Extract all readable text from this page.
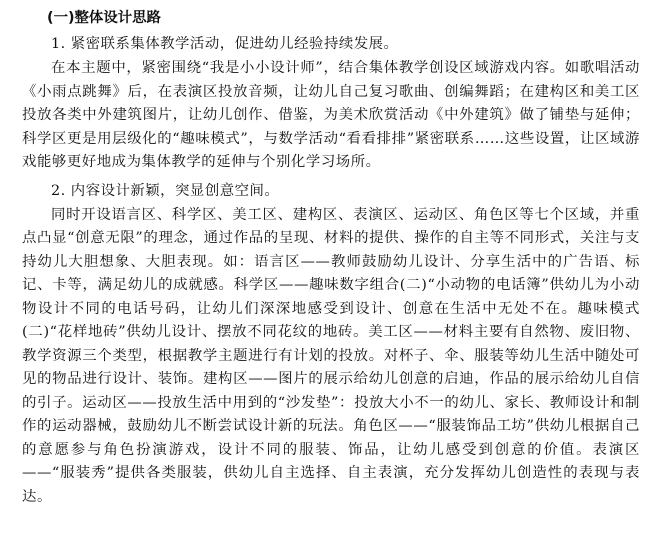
(一)整体设计思路
1. 紧密联系集体教学活动，促进幼儿经验持续发展。

在本主题中，紧密围绕“我是小小设计师”，结合集体教学创设区域游戏内容。如歌唱活动《小雨点跳舞》后，在表演区投放音频，让幼儿自己复习歌曲、创编舞蹈；在建构区和美工区投放各类中外建筑图片，让幼儿创作、借鉴，为美术欣赏活动《中外建筑》做了铺垫与延伸；科学区更是用层级化的“趣味模式”，与数学活动“看看排排”紧密联系……这些设置，让区域游戏能够更好地成为集体教学的延伸与个别化学习场所。

2. 内容设计新颖，突显创意空间。

同时开设语言区、科学区、美工区、建构区、表演区、运动区、角色区等七个区域，并重点凸显“创意无限”的理念，通过作品的呈现、材料的提供、操作的自主等不同形式，关注与支持幼儿大胆想象、大胆表现。如：语言区——教师鼓励幼儿设计、分享生活中的广告语、标记、卡等，满足幼儿的成就感。科学区——趣味数字组合(二)“小动物的电话簿”供幼儿为小动物设计不同的电话号码，让幼儿们深深地感受到设计、创意在生活中无处不在。趣味模式(二)“花样地砖”供幼儿设计、摆放不同花纹的地砖。美工区——材料主要有自然物、废旧物、教学资源三个类型，根据教学主题进行有计划的投放。对杯子、伞、服装等幼儿生活中随处可见的物品进行设计、装饰。建构区——图片的展示给幼儿创意的启迪，作品的展示给幼儿自信的引子。运动区——投放生活中用到的“沙发垫”：投放大小不一的幼儿、家长、教师设计和制作的运动器械，鼓励幼儿不断尝试设计新的玩法。角色区——“服装饰品工坊”供幼儿根据自己的意愿参与角色扮演游戏，设计不同的服装、饰品，让幼儿感受到创意的价值。表演区——“服装秀”提供各类服装，供幼儿自主选择、自主表演，充分发挥幼儿创造性的表现与表达。
